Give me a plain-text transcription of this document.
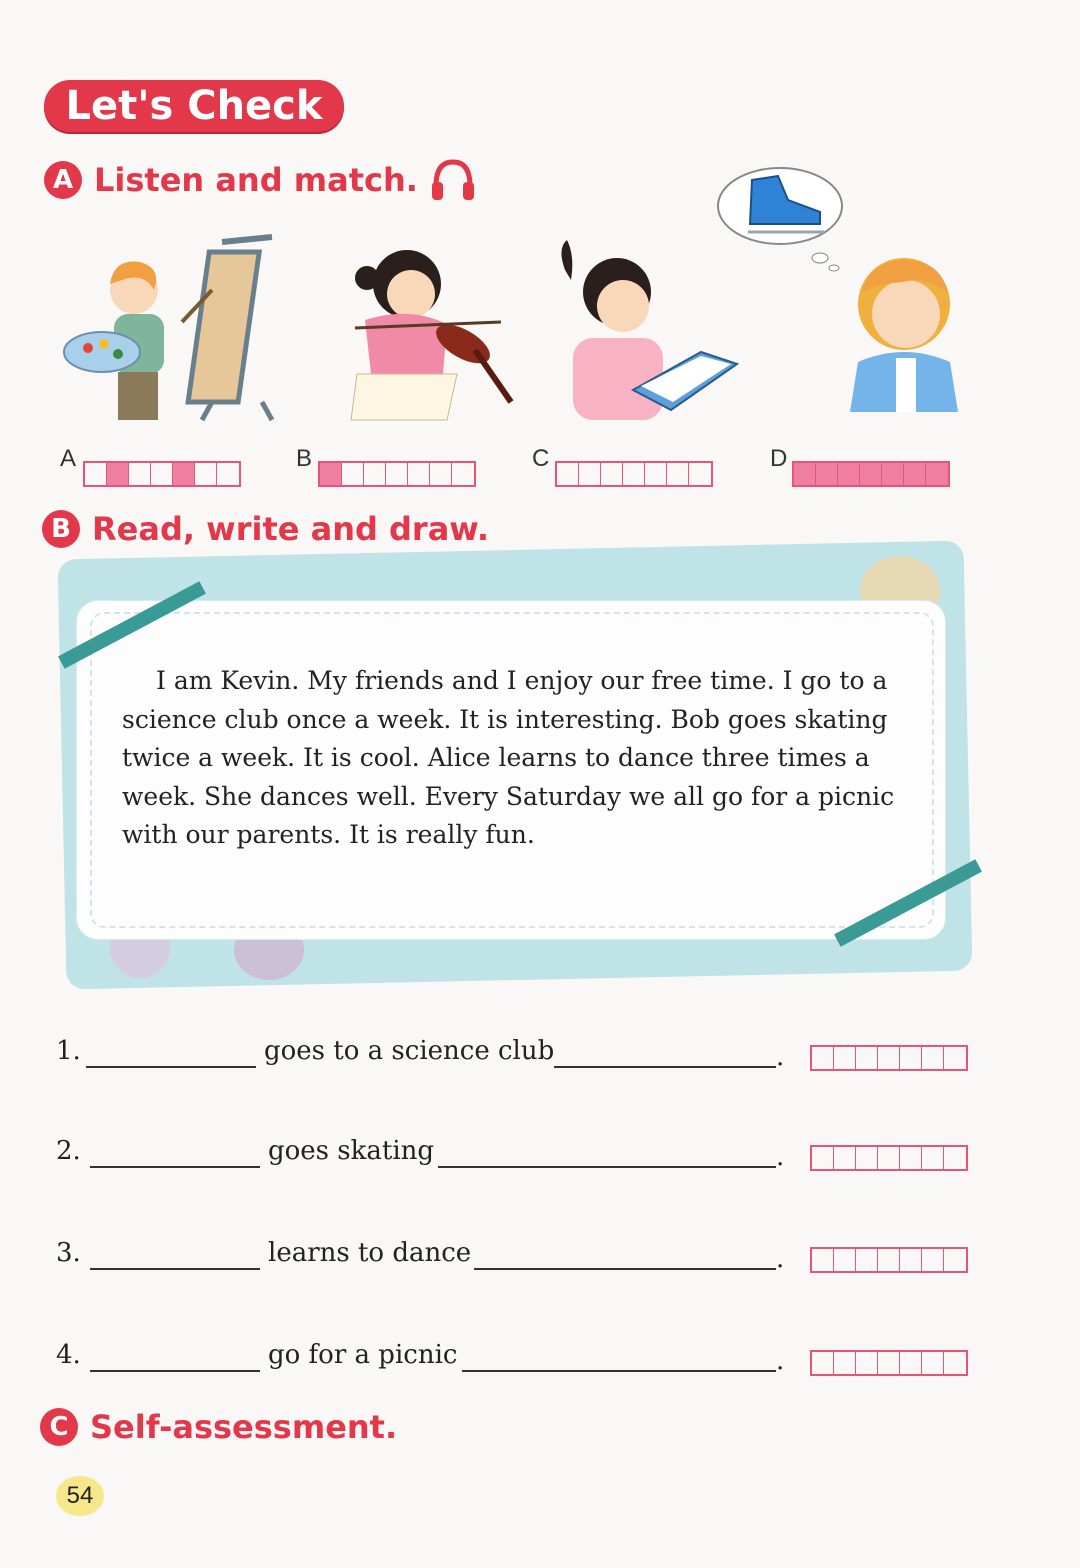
Let's Check
A Listen and match.
A	B	C	D
B Read, write and draw.
I am Kevin. My friends and I enjoy our free time. I go to a science club once a week. It is interesting. Bob goes skating twice a week. It is cool. Alice learns to dance three times a week. She dances well. Every Saturday we all go for a picnic with our parents. It is really fun.
1.	goes to a science club	.
2.	goes skating	.
3.	learns to dance	.
4.	go for a picnic	.
C Self-assessment.
54
